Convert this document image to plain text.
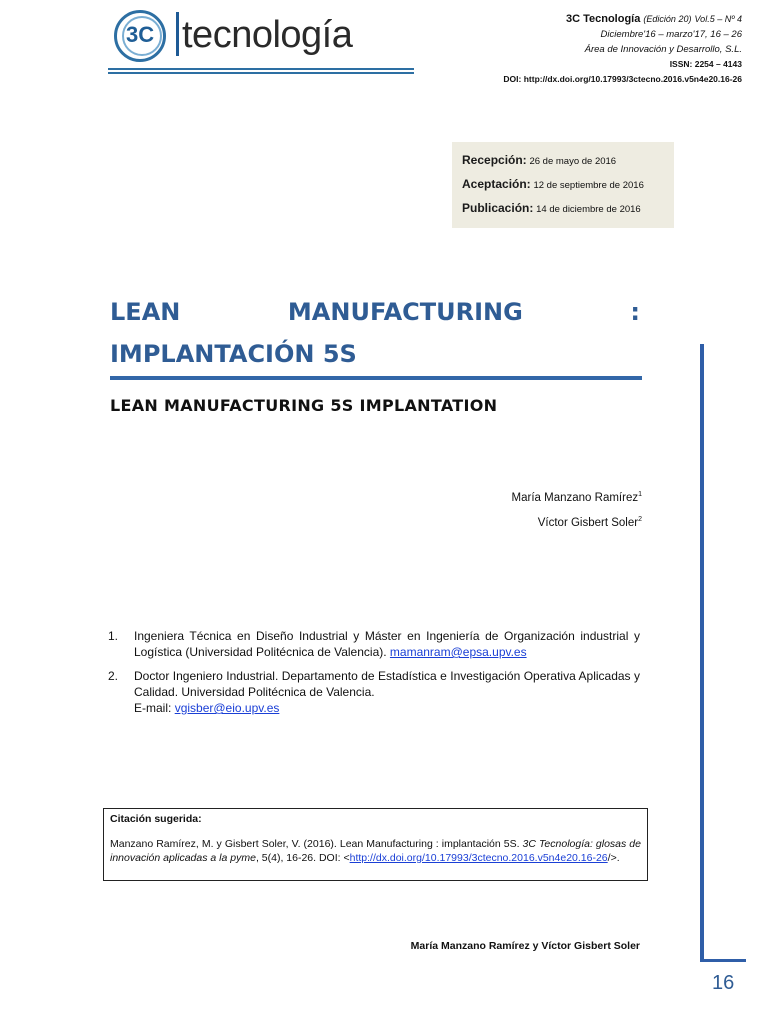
3C tecnología	3C Tecnología (Edición 20) Vol.5 – Nº 4
Diciembre'16 – marzo'17, 16 – 26
Área de Innovación y Desarrollo, S.L.
ISSN: 2254 – 4143
DOI: http://dx.doi.org/10.17993/3ctecno.2016.v5n4e20.16-26
Recepción: 26 de mayo de 2016
Aceptación: 12 de septiembre de 2016
Publicación: 14 de diciembre de 2016
LEAN	MANUFACTURING	:
IMPLANTACIÓN 5S
LEAN MANUFACTURING 5S IMPLANTATION
María Manzano Ramírez$^1$
Víctor Gisbert Soler$^2$
1.	Ingeniera Técnica en Diseño Industrial y Máster en Ingeniería de Organización industrial y Logística (Universidad Politécnica de Valencia). mamanram@epsa.upv.es
2.	Doctor Ingeniero Industrial. Departamento de Estadística e Investigación Operativa Aplicadas y Calidad. Universidad Politécnica de Valencia.
E-mail: vgisber@eio.upv.es
Citación sugerida:
Manzano Ramírez, M. y Gisbert Soler, V. (2016). Lean Manufacturing : implantación 5S. 3C Tecnología: glosas de innovación aplicadas a la pyme, 5(4), 16-26. DOI: <http://dx.doi.org/10.17993/3ctecno.2016.v5n4e20.16-26/>.
María Manzano Ramírez y Víctor Gisbert Soler
16
